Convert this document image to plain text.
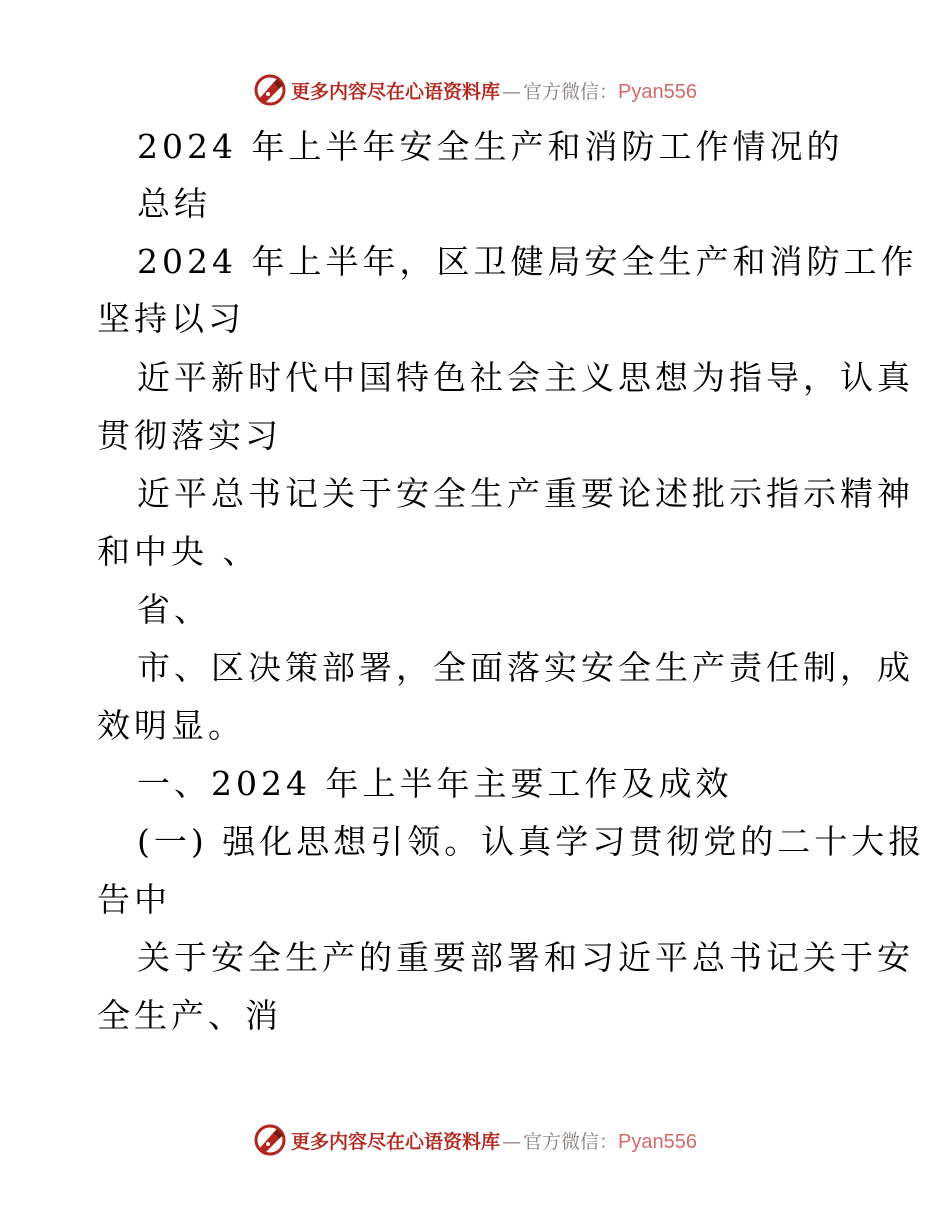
更多内容尽在心语资料库 — 官方微信： Pyan556
2024 年上半年安全生产和消防工作情况的
总结
2024 年上半年，区卫健局安全生产和消防工作
坚持以习
近平新时代中国特色社会主义思想为指导，认真
贯彻落实习
近平总书记关于安全生产重要论述批示指示精神
和中央 、
省、
市、区决策部署，全面落实安全生产责任制，成
效明显。
一、2024 年上半年主要工作及成效
(一) 强化思想引领。认真学习贯彻党的二十大报
告中
关于安全生产的重要部署和习近平总书记关于安
全生产、消
更多内容尽在心语资料库 — 官方微信： Pyan556
